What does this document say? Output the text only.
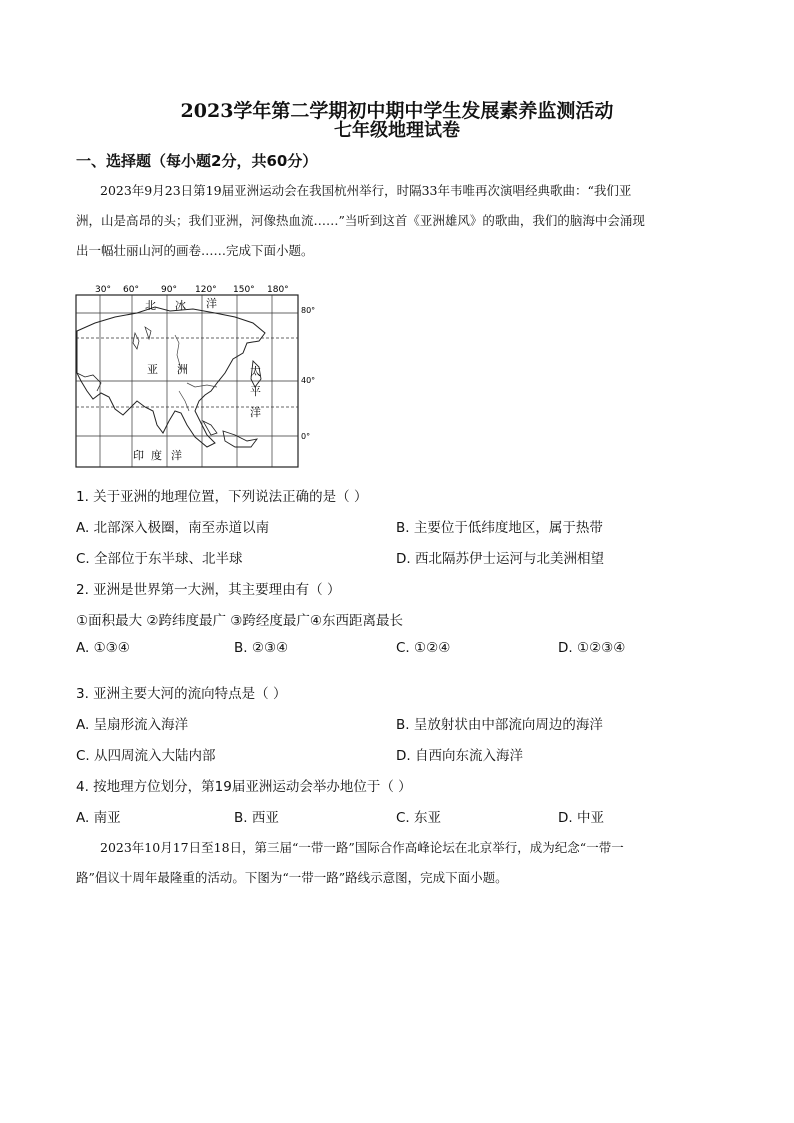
2023学年第二学期初中期中学生发展素养监测活动
七年级地理试卷
一、选择题（每小题2分，共60分）
2023年9月23日第19届亚洲运动会在我国杭州举行，时隔33年韦唯再次演唱经典歌曲：“我们亚
洲，山是高昂的头；我们亚洲，河像热血流……”当听到这首《亚洲雄风》的歌曲，我们的脑海中会涌现
出一幅壮丽山河的画卷……完成下面小题。
30° 60° 90° 120° 150° 180°
北 冰 洋
亚 洲	太
平
洋
印 度 洋
80°
40°
0°
1. 关于亚洲的地理位置，下列说法正确的是（ ）
A. 北部深入极圈，南至赤道以南	B. 主要位于低纬度地区，属于热带
C. 全部位于东半球、北半球	D. 西北隔苏伊士运河与北美洲相望
2. 亚洲是世界第一大洲，其主要理由有（ ）
①面积最大 ②跨纬度最广 ③跨经度最广④东西距离最长
A. ①③④	B. ②③④	C. ①②④	D. ①②③④
3. 亚洲主要大河的流向特点是（ ）
A. 呈扇形流入海洋	B. 呈放射状由中部流向周边的海洋
C. 从四周流入大陆内部	D. 自西向东流入海洋
4. 按地理方位划分，第19届亚洲运动会举办地位于（ ）
A. 南亚	B. 西亚	C. 东亚	D. 中亚
2023年10月17日至18日，第三届“一带一路”国际合作高峰论坛在北京举行，成为纪念“一带一
路”倡议十周年最隆重的活动。下图为“一带一路”路线示意图，完成下面小题。
